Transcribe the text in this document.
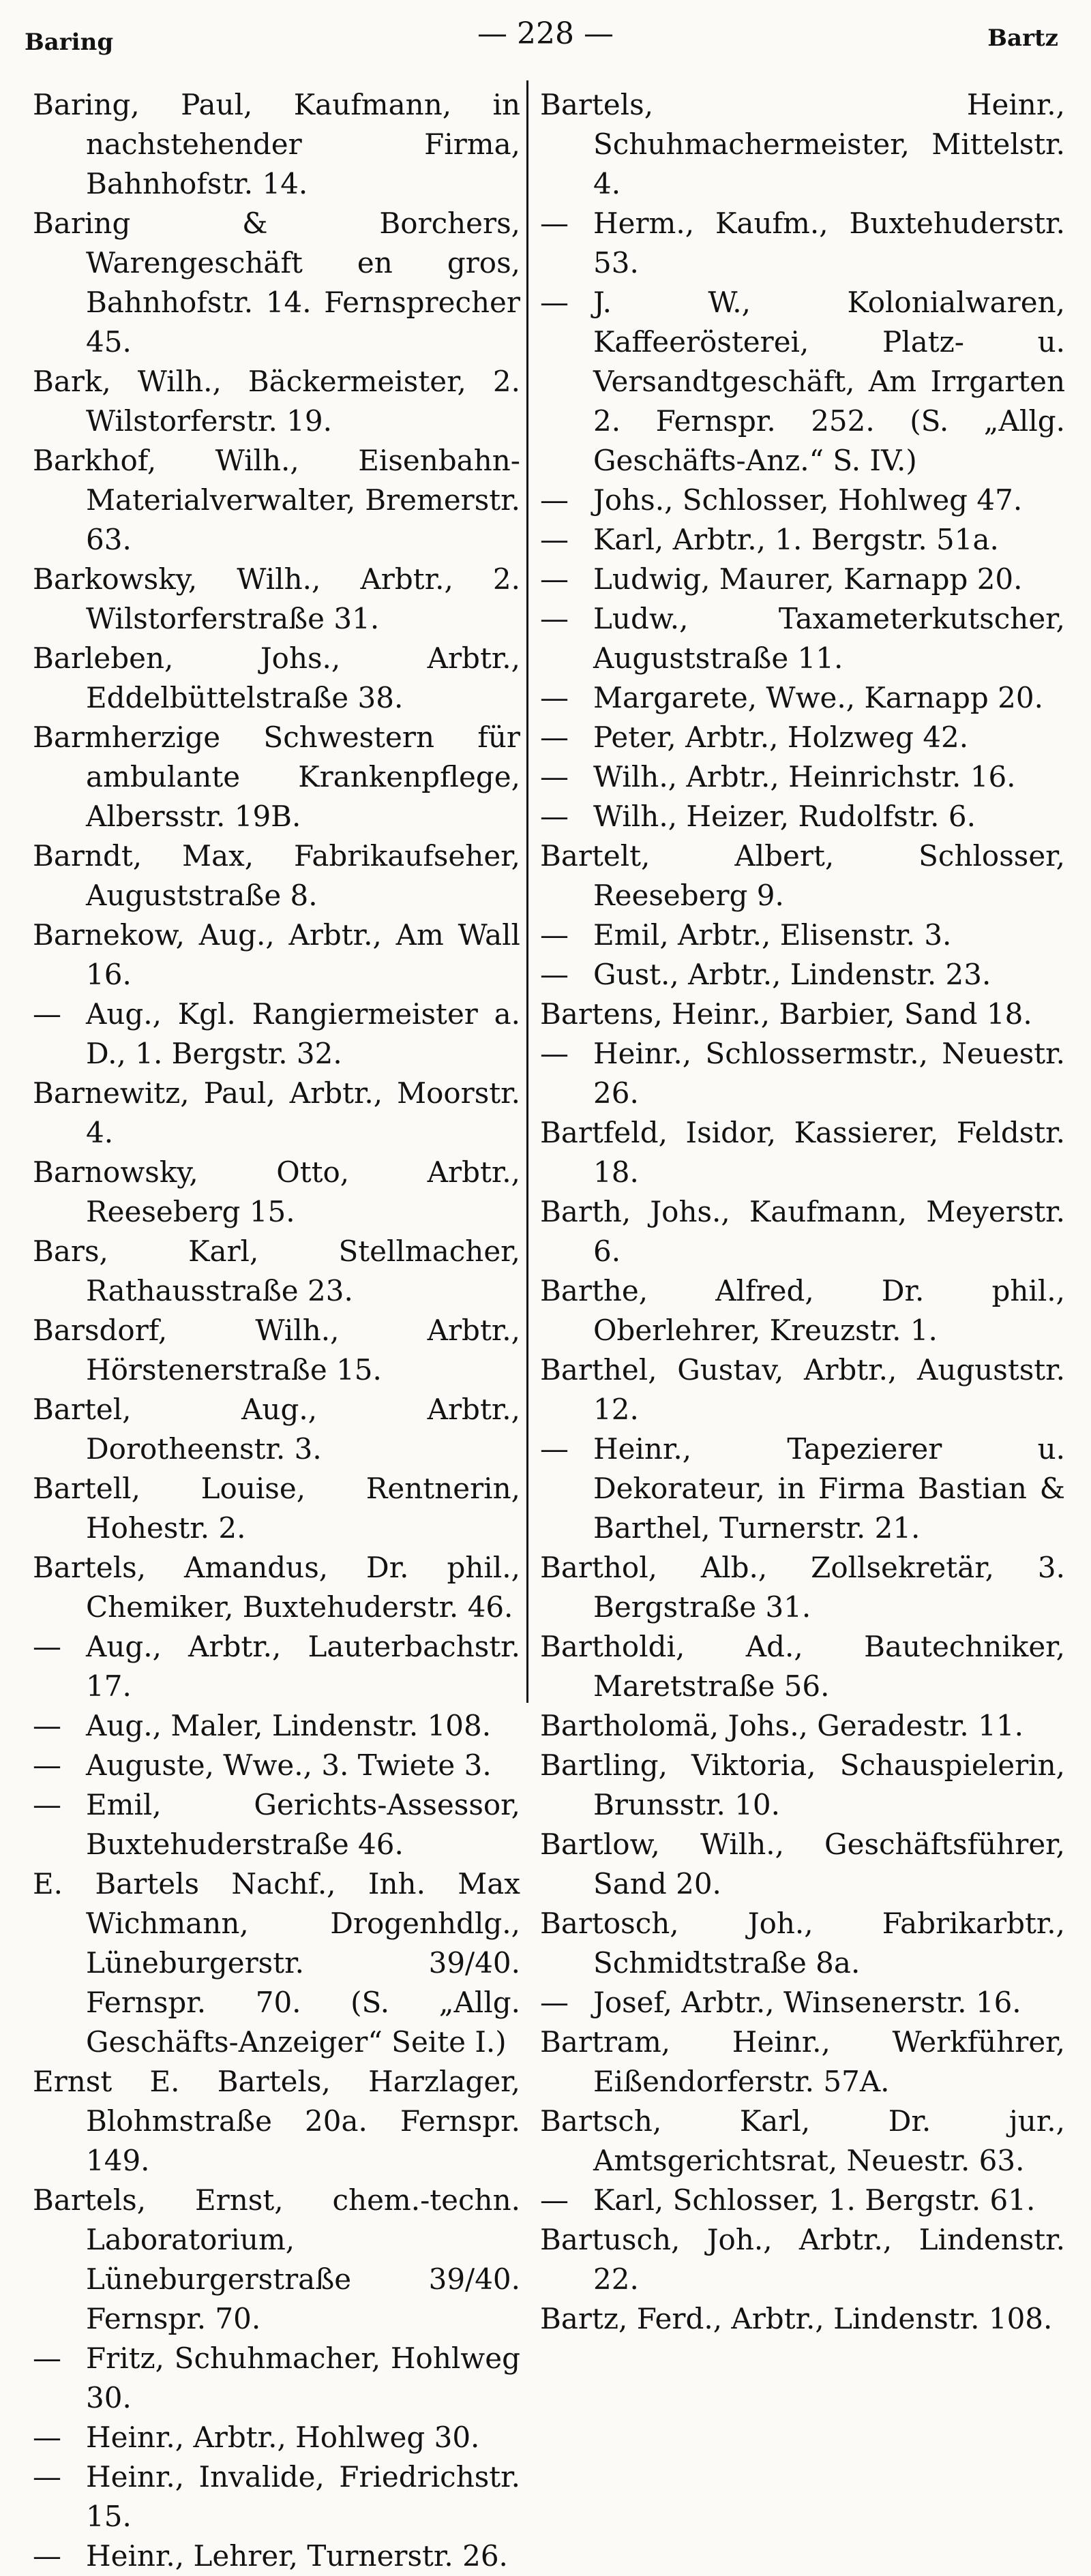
Baring	— 228 —	Bartz

Baring, Paul, Kaufmann, in nachstehender Firma, Bahnhofstr. 14.

Baring & Borchers, Warengeschäft en gros, Bahnhofstr. 14. Fernsprecher 45.

Bark, Wilh., Bäckermeister, 2. Wilstorferstr. 19.

Barkhof, Wilh., Eisenbahn-Materialverwalter, Bremerstr. 63.

Barkowsky, Wilh., Arbtr., 2. Wilstorferstraße 31.

Barleben, Johs., Arbtr., Eddelbüttelstraße 38.

Barmherzige Schwestern für ambulante Krankenpflege, Albersstr. 19B.

Barndt, Max, Fabrikaufseher, Auguststraße 8.

Barnekow, Aug., Arbtr., Am Wall 16.

— Aug., Kgl. Rangiermeister a. D., 1. Bergstr. 32.

Barnewitz, Paul, Arbtr., Moorstr. 4.

Barnowsky, Otto, Arbtr., Reeseberg 15.

Bars, Karl, Stellmacher, Rathausstraße 23.

Barsdorf, Wilh., Arbtr., Hörstenerstraße 15.

Bartel, Aug., Arbtr., Dorotheenstr. 3.

Bartell, Louise, Rentnerin, Hohestr. 2.

Bartels, Amandus, Dr. phil., Chemiker, Buxtehuderstr. 46.

— Aug., Arbtr., Lauterbachstr. 17.

— Aug., Maler, Lindenstr. 108.

— Auguste, Wwe., 3. Twiete 3.

— Emil, Gerichts-Assessor, Buxtehuderstraße 46.

E. Bartels Nachf., Inh. Max Wichmann, Drogenhdlg., Lüneburgerstr. 39/40. Fernspr. 70. (S. „Allg. Geschäfts-Anzeiger“ Seite I.)

Ernst E. Bartels, Harzlager, Blohmstraße 20a. Fernspr. 149.

Bartels, Ernst, chem.-techn. Laboratorium, Lüneburgerstraße 39/40. Fernspr. 70.

— Fritz, Schuhmacher, Hohlweg 30.

— Heinr., Arbtr., Hohlweg 30.

— Heinr., Invalide, Friedrichstr. 15.

— Heinr., Lehrer, Turnerstr. 26.

Bartels, Heinr., Schuhmachermeister, Mittelstr. 4.

— Herm., Kaufm., Buxtehuderstr. 53.

— J. W., Kolonialwaren, Kaffeerösterei, Platz- u. Versandtgeschäft, Am Irrgarten 2. Fernspr. 252. (S. „Allg. Geschäfts-Anz.“ S. IV.)

— Johs., Schlosser, Hohlweg 47.

— Karl, Arbtr., 1. Bergstr. 51a.

— Ludwig, Maurer, Karnapp 20.

— Ludw., Taxameterkutscher, Auguststraße 11.

— Margarete, Wwe., Karnapp 20.

— Peter, Arbtr., Holzweg 42.

— Wilh., Arbtr., Heinrichstr. 16.

— Wilh., Heizer, Rudolfstr. 6.

Bartelt, Albert, Schlosser, Reeseberg 9.

— Emil, Arbtr., Elisenstr. 3.

— Gust., Arbtr., Lindenstr. 23.

Bartens, Heinr., Barbier, Sand 18.

— Heinr., Schlossermstr., Neuestr. 26.

Bartfeld, Isidor, Kassierer, Feldstr. 18.

Barth, Johs., Kaufmann, Meyerstr. 6.

Barthe, Alfred, Dr. phil., Oberlehrer, Kreuzstr. 1.

Barthel, Gustav, Arbtr., Auguststr. 12.

— Heinr., Tapezierer u. Dekorateur, in Firma Bastian & Barthel, Turnerstr. 21.

Barthol, Alb., Zollsekretär, 3. Bergstraße 31.

Bartholdi, Ad., Bautechniker, Maretstraße 56.

Bartholomä, Johs., Geradestr. 11.

Bartling, Viktoria, Schauspielerin, Brunsstr. 10.

Bartlow, Wilh., Geschäftsführer, Sand 20.

Bartosch, Joh., Fabrikarbtr., Schmidtstraße 8a.

— Josef, Arbtr., Winsenerstr. 16.

Bartram, Heinr., Werkführer, Eißendorferstr. 57A.

Bartsch, Karl, Dr. jur., Amtsgerichtsrat, Neuestr. 63.

— Karl, Schlosser, 1. Bergstr. 61.

Bartusch, Joh., Arbtr., Lindenstr. 22.

Bartz, Ferd., Arbtr., Lindenstr. 108.
